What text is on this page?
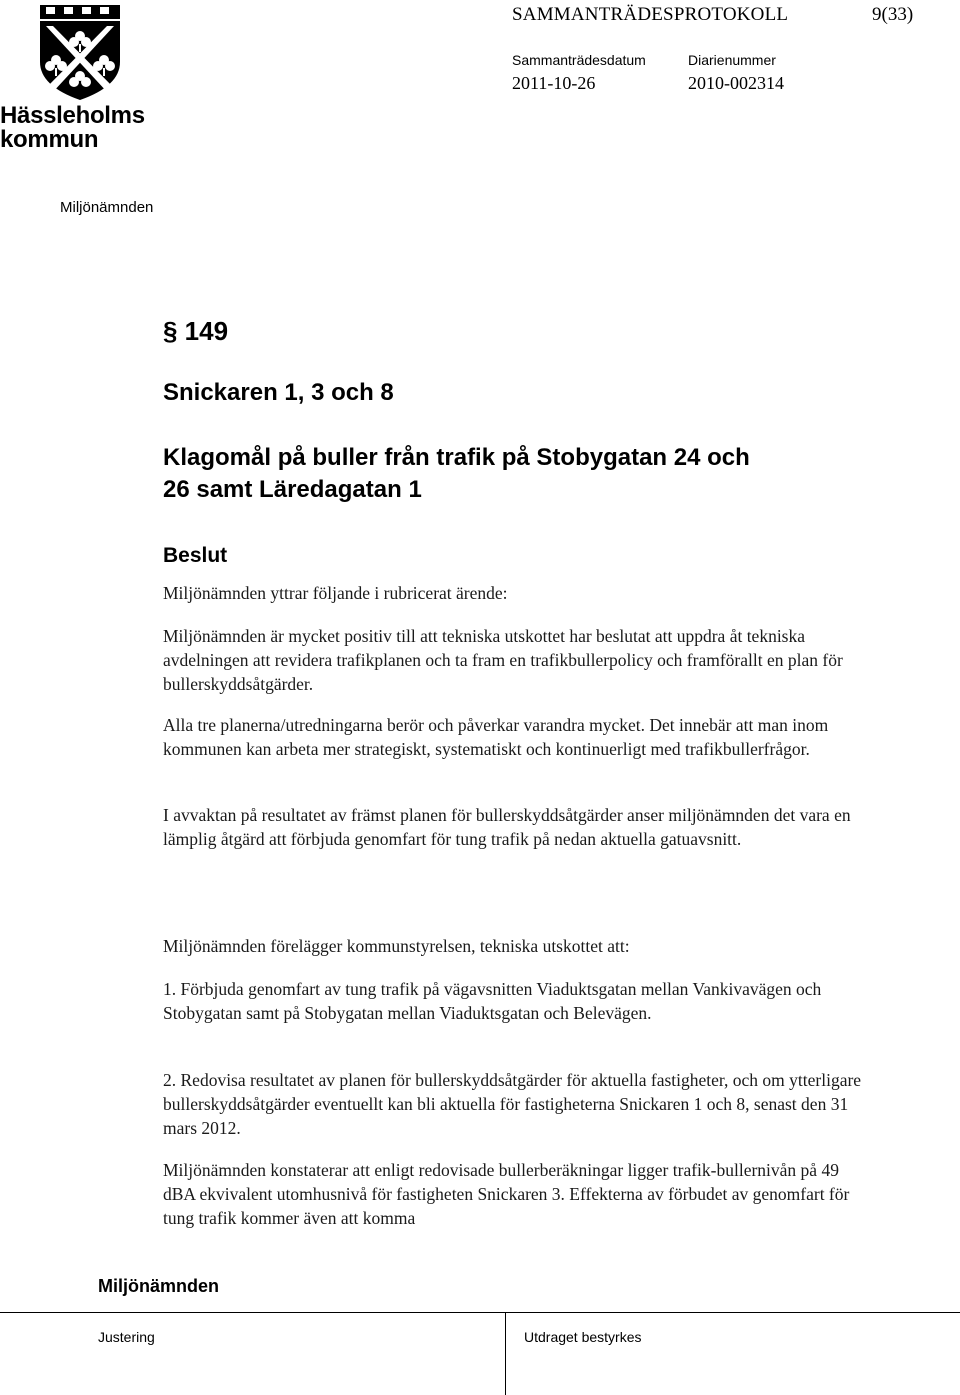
Hässleholms
kommun
SAMMANTRÄDESPROTOKOLL	9(33)
Sammanträdesdatum	Diarienummer
2011-10-26	2010-002314
Miljönämnden
§ 149
Snickaren 1, 3 och 8
Klagomål på buller från trafik på Stobygatan 24 och
26 samt Läredagatan 1
Beslut
Miljönämnden yttrar följande i rubricerat ärende:
Miljönämnden är mycket positiv till att tekniska utskottet har beslutat att uppdra åt tekniska avdelningen att revidera trafikplanen och ta fram en trafikbullerpolicy och framförallt en plan för bullerskyddsåtgärder.
Alla tre planerna/utredningarna berör och påverkar varandra mycket. Det innebär att man inom kommunen kan arbeta mer strategiskt, systematiskt och kontinuerligt med trafikbullerfrågor.
I avvaktan på resultatet av främst planen för bullerskyddsåtgärder anser miljönämnden det vara en lämplig åtgärd att förbjuda genomfart för tung trafik på nedan aktuella gatuavsnitt.
Miljönämnden förelägger kommunstyrelsen, tekniska utskottet att:
1. Förbjuda genomfart av tung trafik på vägavsnitten Viaduktsgatan mellan Vankivavägen och Stobygatan samt på Stobygatan mellan Viaduktsgatan och Belevägen.
2. Redovisa resultatet av planen för bullerskyddsåtgärder för aktuella fastigheter, och om ytterligare bullerskyddsåtgärder eventuellt kan bli aktuella för fastigheterna Snickaren 1 och 8, senast den 31 mars 2012.
Miljönämnden konstaterar att enligt redovisade bullerberäkningar ligger trafik-bullernivån på 49 dBA ekvivalent utomhusnivå för fastigheten Snickaren 3. Effekterna av förbudet av genomfart för tung trafik kommer även att komma
Miljönämnden
Justering	Utdraget bestyrkes
